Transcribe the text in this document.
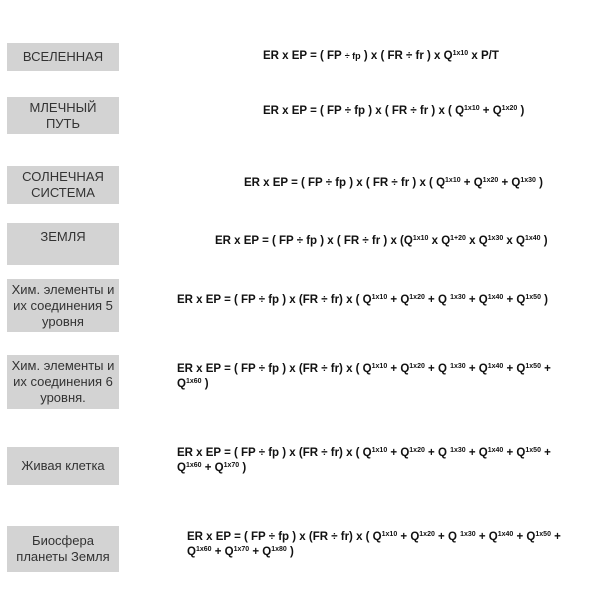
ВСЕЛЕННАЯ	ER x EP = ( FP ÷ fp ) x ( FR ÷ fr ) x $Q^{1x10}$ x P/T
МЛЕЧНЫЙ ПУТЬ
ER x EP = ( FP ÷ fp ) x ( FR ÷ fr ) x ( $Q^{1x10} + Q^{1x20}$ )
СОЛНЕЧНАЯ СИСТЕМА
ER x EP = ( FP ÷ fp ) x ( FR ÷ fr ) x ( $Q^{1x10} + Q^{1x20} + Q^{1x30}$ )
ЗЕМЛЯ	ER x EP = ( FP ÷ fp ) x ( FR ÷ fr ) x ($Q^{1x10}$ x $Q^{1+20}$ x $Q^{1x30}$ x $Q^{1x40}$ )
Хим. элементы и их соединения 5 уровня
ER x EP = ( FP ÷ fp ) x (FR ÷ fr) x ( $Q^{1x10} + Q^{1x20} + Q$ $^{1x30} + Q^{1x40} + Q^{1x50}$ )
Хим. элементы и их соединения 6 уровня.
ER x EP = ( FP ÷ fp ) x (FR ÷ fr) x ( $Q^{1x10} + Q^{1x20} + Q$ $^{1x30} + Q^{1x40} + Q^{1x50} + Q^{1x60}$ )
Живая клетка
ER x EP = ( FP ÷ fp ) x (FR ÷ fr) x ( $Q^{1x10} + Q^{1x20} + Q$ $^{1x30} + Q^{1x40} + Q^{1x50} + Q^{1x60} + Q^{1x70}$ )
Биосфера планеты Земля
ER x EP = ( FP ÷ fp ) x (FR ÷ fr) x ( $Q^{1x10} + Q^{1x20} + Q$ $^{1x30} + Q^{1x40} + Q^{1x50} + Q^{1x60} + Q^{1x70} + Q^{1x80}$ )
